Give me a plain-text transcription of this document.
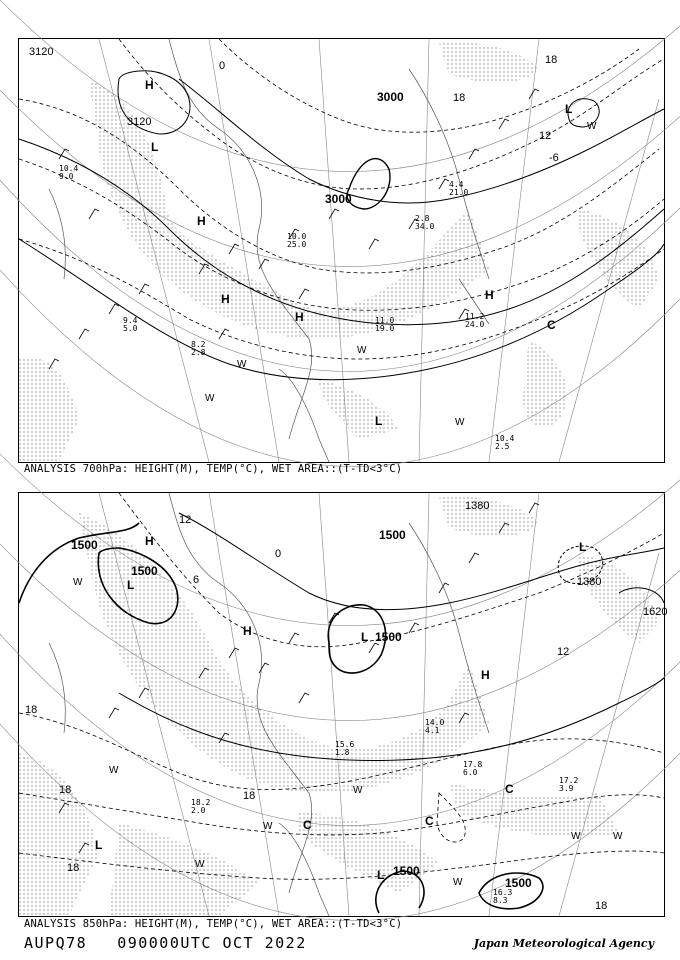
3120
3120
3000
3000
H
L
H
H
H
L
H
L
C
0
-6
12
18
18
W
W
W
W
W
10.4
9.0
11.0
19.0
11.2
24.0
9.4
5.0
8.2
2.8
10.0
25.0
2.8
34.0
4.4
21.0
10.4
2.5
ANALYSIS 700hPa: HEIGHT(M), TEMP(°C), WET AREA::(T-TD<3°C)
1500
1500
1500
1500
1500
1500
1380
1380
1620
H
L
L
H
L
H
L
C
L
C	C
12
6
0
18
18
18
18
12
18
W
W
W
W
W
W
W	W
17.8
6.0
17.2
3.9
16.3
8.3
18.2
2.0
15.6
1.8
14.0
4.1
ANALYSIS 850hPa: HEIGHT(M), TEMP(°C), WET AREA::(T-TD<3°C)
AUPQ78 090000UTC OCT 2022	Japan Meteorological Agency
